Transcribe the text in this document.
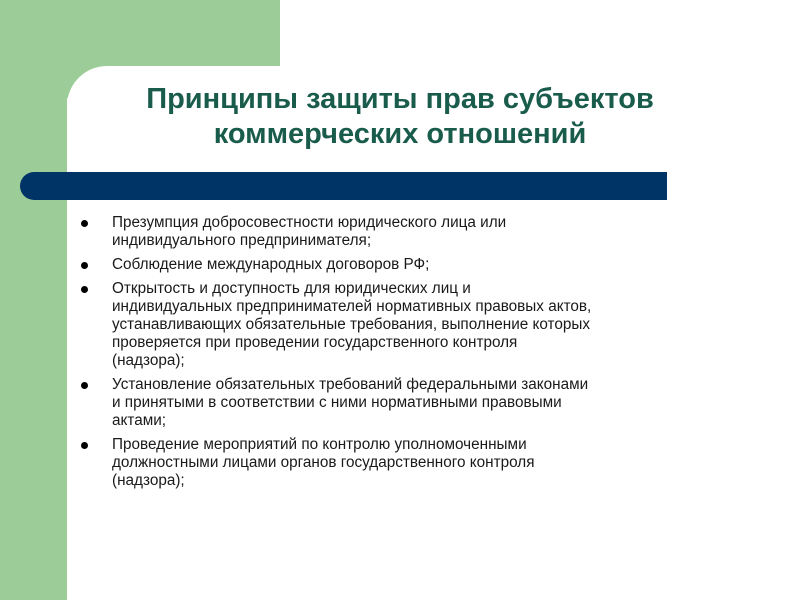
Принципы защиты прав субъектов коммерческих отношений
Презумпция добросовестности юридического лица или
индивидуального предпринимателя;
Соблюдение международных договоров РФ;
Открытость и доступность для юридических лиц и
индивидуальных предпринимателей нормативных правовых актов,
устанавливающих обязательные требования, выполнение которых
проверяется при проведении государственного контроля
(надзора);
Установление обязательных требований федеральными законами
и принятыми в соответствии с ними нормативными правовыми
актами;
Проведение мероприятий по контролю уполномоченными
должностными лицами органов государственного контроля
(надзора);
